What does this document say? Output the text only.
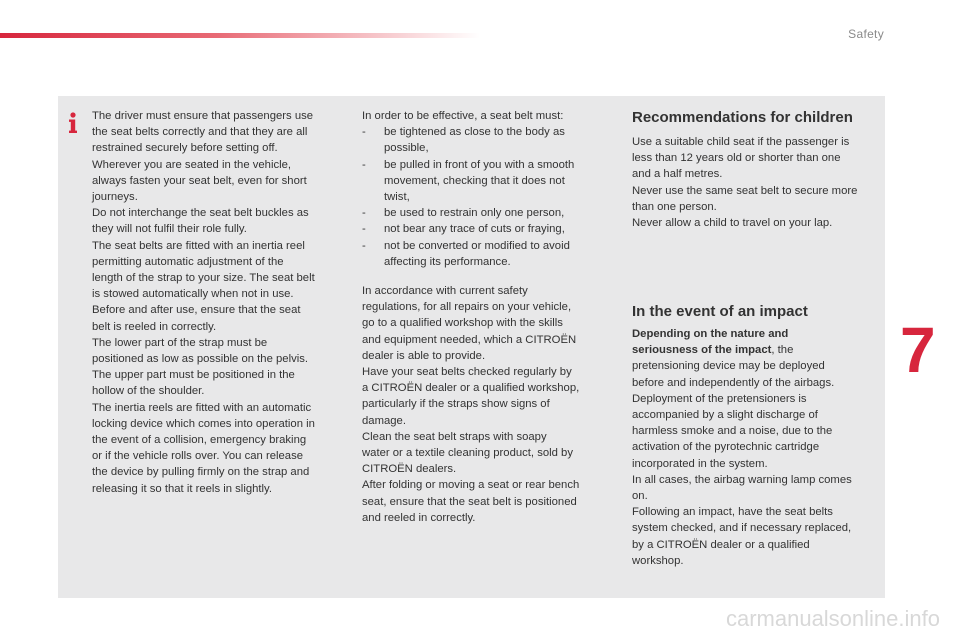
Safety
The driver must ensure that passengers use
the seat belts correctly and that they are all
restrained securely before setting off.
Wherever you are seated in the vehicle,
always fasten your seat belt, even for short
journeys.
Do not interchange the seat belt buckles as
they will not fulfil their role fully.
The seat belts are fitted with an inertia reel
permitting automatic adjustment of the
length of the strap to your size. The seat belt
is stowed automatically when not in use.
Before and after use, ensure that the seat
belt is reeled in correctly.
The lower part of the strap must be
positioned as low as possible on the pelvis.
The upper part must be positioned in the
hollow of the shoulder.
The inertia reels are fitted with an automatic
locking device which comes into operation in
the event of a collision, emergency braking
or if the vehicle rolls over. You can release
the device by pulling firmly on the strap and
releasing it so that it reels in slightly.
In order to be effective, a seat belt must:
-	be tightened as close to the body as
possible,
-	be pulled in front of you with a smooth
movement, checking that it does not
twist,
-	be used to restrain only one person,
-	not bear any trace of cuts or fraying,
-	not be converted or modified to avoid
affecting its performance.
In accordance with current safety
regulations, for all repairs on your vehicle,
go to a qualified workshop with the skills
and equipment needed, which a CITROËN
dealer is able to provide.
Have your seat belts checked regularly by
a CITROËN dealer or a qualified workshop,
particularly if the straps show signs of
damage.
Clean the seat belt straps with soapy
water or a textile cleaning product, sold by
CITROËN dealers.
After folding or moving a seat or rear bench
seat, ensure that the seat belt is positioned
and reeled in correctly.
Recommendations for children
Use a suitable child seat if the passenger is
less than 12 years old or shorter than one
and a half metres.
Never use the same seat belt to secure more
than one person.
Never allow a child to travel on your lap.
In the event of an impact
Depending on the nature and
seriousness of the impact, the
pretensioning device may be deployed
before and independently of the airbags.
Deployment of the pretensioners is
accompanied by a slight discharge of
harmless smoke and a noise, due to the
activation of the pyrotechnic cartridge
incorporated in the system.
In all cases, the airbag warning lamp comes
on.
Following an impact, have the seat belts
system checked, and if necessary replaced,
by a CITROËN dealer or a qualified
workshop.
7
carmanualsonline.info
